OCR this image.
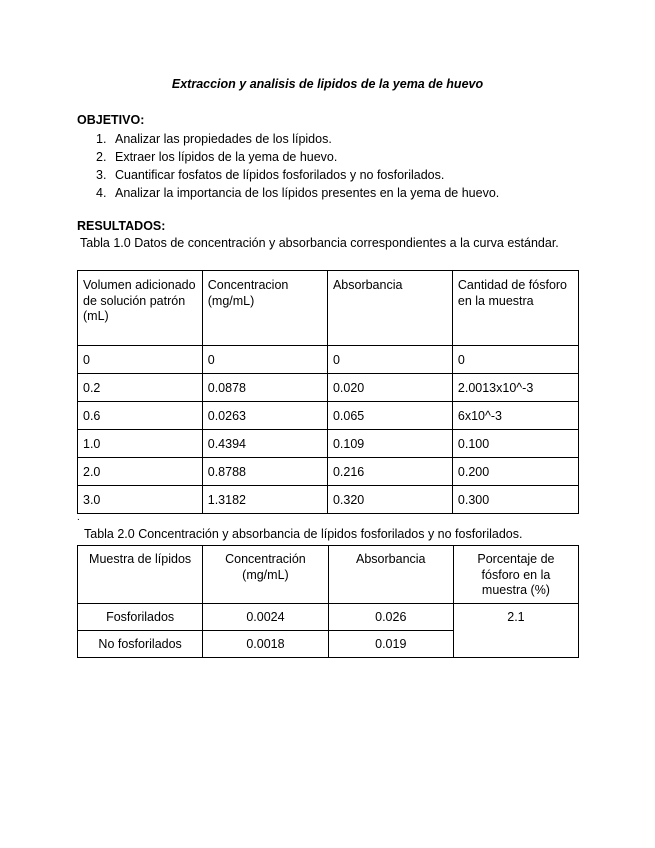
Extraccion y analisis de lipidos de la yema de huevo
OBJETIVO:
1. Analizar las propiedades de los lípidos.
2. Extraer los lípidos de la yema de huevo.
3. Cuantificar fosfatos de lípidos fosforilados y no fosforilados.
4. Analizar la importancia de los lípidos presentes en la yema de huevo.
RESULTADOS:
Tabla 1.0 Datos de concentración y absorbancia correspondientes a la curva estándar.
Volumen adicionado de solución patrón (mL)	Concentracion (mg/mL)	Absorbancia	Cantidad de fósforo en la muestra
0	0	0	0
0.2	0.0878	0.020	2.0013x10^-3
0.6	0.0263	0.065	6x10^-3
1.0	0.4394	0.109	0.100
2.0	0.8788	0.216	0.200
3.0	1.3182	0.320	0.300
.
Tabla 2.0 Concentración y absorbancia de lípidos fosforilados y no fosforilados.
Muestra de lípidos	Concentración (mg/mL)	Absorbancia	Porcentaje de fósforo en la muestra (%)
Fosforilados	0.0024	0.026	2.1
No fosforilados	0.0018	0.019	
